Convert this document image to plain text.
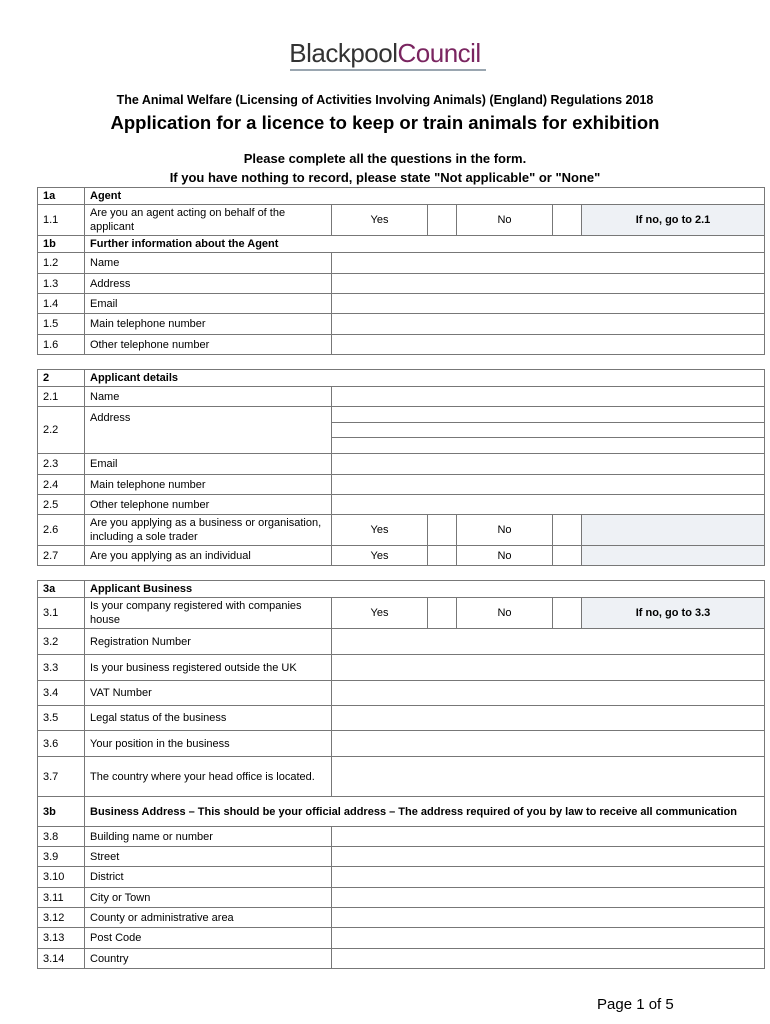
BlackpoolCouncil
The Animal Welfare (Licensing of Activities Involving Animals) (England) Regulations 2018
Application for a licence to keep or train animals for exhibition
Please complete all the questions in the form.
If you have nothing to record, please state "Not applicable" or "None"
1a	Agent					
1.1	Are you an agent acting on behalf of the applicant	Yes		No		If no, go to 2.1
1b	Further information about the Agent					
1.2	Name					
1.3	Address					
1.4	Email					
1.5	Main telephone number					
1.6	Other telephone number					
2	Applicant details					
2.1	Name					
2.2	Address					

2.3	Email					
2.4	Main telephone number					
2.5	Other telephone number					
2.6	Are you applying as a business or organisation, including a sole trader	Yes		No		
2.7	Are you applying as an individual	Yes		No		
3a	Applicant Business					
3.1	Is your company registered with companies house	Yes		No		If no, go to 3.3
3.2	Registration Number					
3.3	Is your business registered outside the UK					
3.4	VAT Number					
3.5	Legal status of the business					
3.6	Your position in the business					
3.7	The country where your head office is located.					
3b	Business Address – This should be your official address – The address required of you by law to receive all communication					
3.8	Building name or number					
3.9	Street					
3.10	District					
3.11	City or Town					
3.12	County or administrative area					
3.13	Post Code					
3.14	Country					
Page 1 of 5
